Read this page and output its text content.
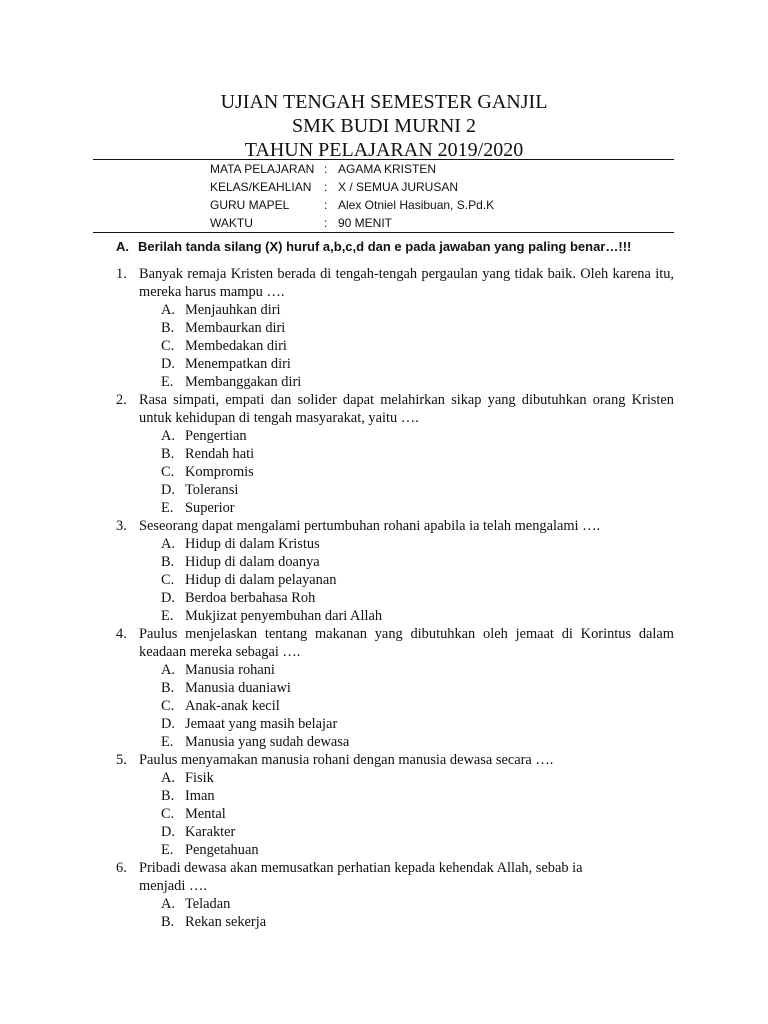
UJIAN TENGAH SEMESTER GANJIL
SMK BUDI MURNI 2
TAHUN PELAJARAN 2019/2020
MATA PELAJARAN : AGAMA KRISTEN
KELAS/KEAHLIAN : X / SEMUA JURUSAN
GURU MAPEL	: Alex Otniel Hasibuan, S.Pd.K
WAKTU	: 90 MENIT
A. Berilah tanda silang (X) huruf a,b,c,d dan e pada jawaban yang paling benar…!!!
1. Banyak remaja Kristen berada di tengah-tengah pergaulan yang tidak baik. Oleh karena itu, mereka harus mampu ….
A. Menjauhkan diri
B. Membaurkan diri
C. Membedakan diri
D. Menempatkan diri
E. Membanggakan diri
2. Rasa simpati, empati dan solider dapat melahirkan sikap yang dibutuhkan orang Kristen untuk kehidupan di tengah masyarakat, yaitu ….
A. Pengertian
B. Rendah hati
C. Kompromis
D. Toleransi
E. Superior
3. Seseorang dapat mengalami pertumbuhan rohani apabila ia telah mengalami ….
A. Hidup di dalam Kristus
B. Hidup di dalam doanya
C. Hidup di dalam pelayanan
D. Berdoa berbahasa Roh
E. Mukjizat penyembuhan dari Allah
4. Paulus menjelaskan tentang makanan yang dibutuhkan oleh jemaat di Korintus dalam keadaan mereka sebagai ….
A. Manusia rohani
B. Manusia duaniawi
C. Anak-anak kecil
D. Jemaat yang masih belajar
E. Manusia yang sudah dewasa
5. Paulus menyamakan manusia rohani dengan manusia dewasa secara ….
A. Fisik
B. Iman
C. Mental
D. Karakter
E. Pengetahuan
6. Pribadi dewasa akan memusatkan perhatian kepada kehendak Allah, sebab ia menjadi ….
A. Teladan
B. Rekan sekerja
